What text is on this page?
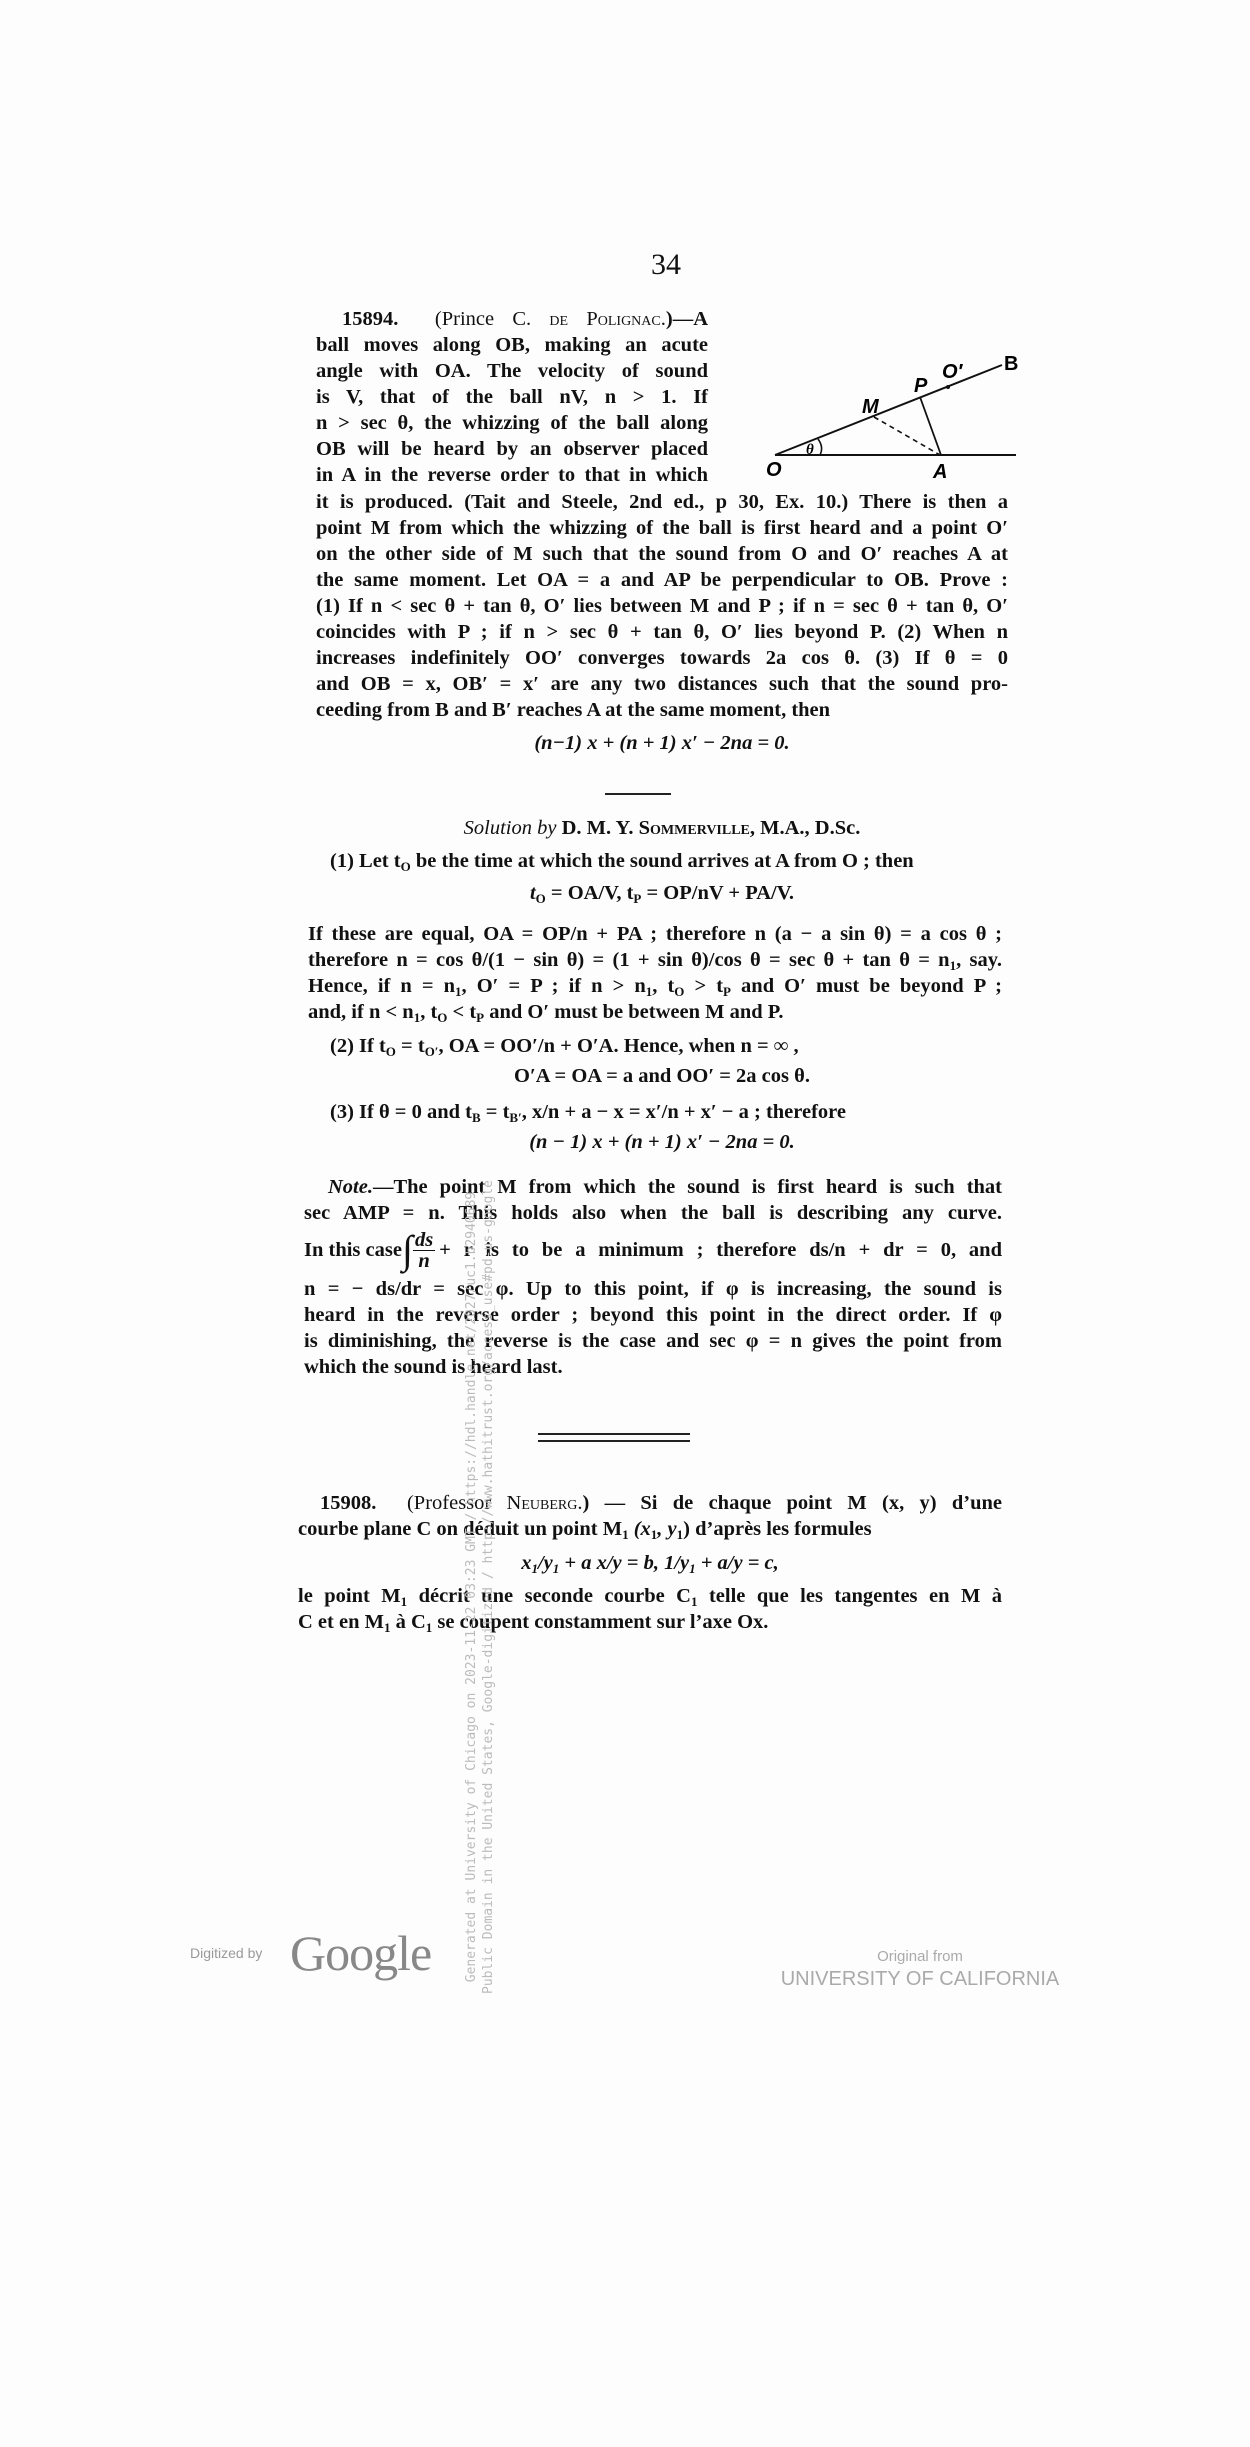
34
15894. (Prince C. de Polignac.)—A
ball moves along OB, making an acute
angle with OA. The velocity of sound
is V, that of the ball nV, n > 1. If
n > sec θ, the whizzing of the ball along
OB will be heard by an observer placed
in A in the reverse order to that in which	O	A
M
P
O′ B
θ
it is produced. (Tait and Steele, 2nd ed., p 30, Ex. 10.) There is then a
point M from which the whizzing of the ball is first heard and a point O′
on the other side of M such that the sound from O and O′ reaches A at
the same moment. Let OA = a and AP be perpendicular to OB. Prove :
(1) If n < sec θ + tan θ, O′ lies between M and P ; if n = sec θ + tan θ, O′
coincides with P ; if n > sec θ + tan θ, O′ lies beyond P. (2) When n
increases indefinitely OO′ converges towards 2a cos θ. (3) If θ = 0
and OB = x, OB′ = x′ are any two distances such that the sound pro-
ceeding from B and B′ reaches A at the same moment, then
(n−1) x + (n + 1) x′ − 2na = 0.
Solution by D. M. Y. Sommerville, M.A., D.Sc.
(1) Let $t_O$ be the time at which the sound arrives at A from O ; then
$t_O = OA/V$, $t_P = OP/nV + PA/V$.
If these are equal, OA = OP/n + PA ; therefore n (a − a sin θ) = a cos θ ;
therefore n = cos θ/(1 − sin θ) = (1 + sin θ)/cos $\theta = \sec \theta + \tan \theta = n_1$, say.
Hence, if $n = n_1$, O′ = P ; if $n > n_1$, $t_O > t_P$ and O′ must be beyond P ;
and, if $n < n_1$, $t_O < t_P$ and O′ must be between M and P.
(2) If $t_O = t_{O'}$, OA = OO′/n + O′A. Hence, when n = ∞ ,
O′A = OA = a and OO′ = 2a cos θ.
(3) If θ = 0 and $t_B = t_{B'}$, x/n + a − x = x′/n + x′ − a ; therefore
(n − 1) x + (n + 1) x′ − 2na = 0.
Note.—The point M from which the sound is first heard is such that
sec AMP = n. This holds also when the ball is describing any curve.
In this case ∫ $\frac{ds}{n} + r$ is to be a minimum ; therefore ds/n + dr = 0, and
n = − ds/dr = sec φ. Up to this point, if φ is increasing, the sound is
heard in the reverse order ; beyond this point in the direct order. If φ
is diminishing, the reverse is the case and sec φ = n gives the point from
which the sound is heard last.
15908. (Professor Neuberg.) — Si de chaque point M (x, y) d’une
courbe plane C on déduit un point $M_1$ ($x_1$, $y_1$) d’après les formules
$x_1/y_1 + a$ x/y = b, $1/y_1 + a/y = c$,
le point $M_1$ décrit une seconde courbe $C_1$ telle que les tangentes en M à
C et en $M_1$ à $C_1$ se coupent constamment sur l’axe Ox.
Generated at University of Chicago on 2023-11-22 03:23 GMT / https://hdl.handle.net/2027/uc1.b2940689 Public Domain in the United States, Google-digitized / http://www.hathitrust.org/access_use#pd-us-google
Digitized by Google	Original from
UNIVERSITY OF CALIFORNIA
